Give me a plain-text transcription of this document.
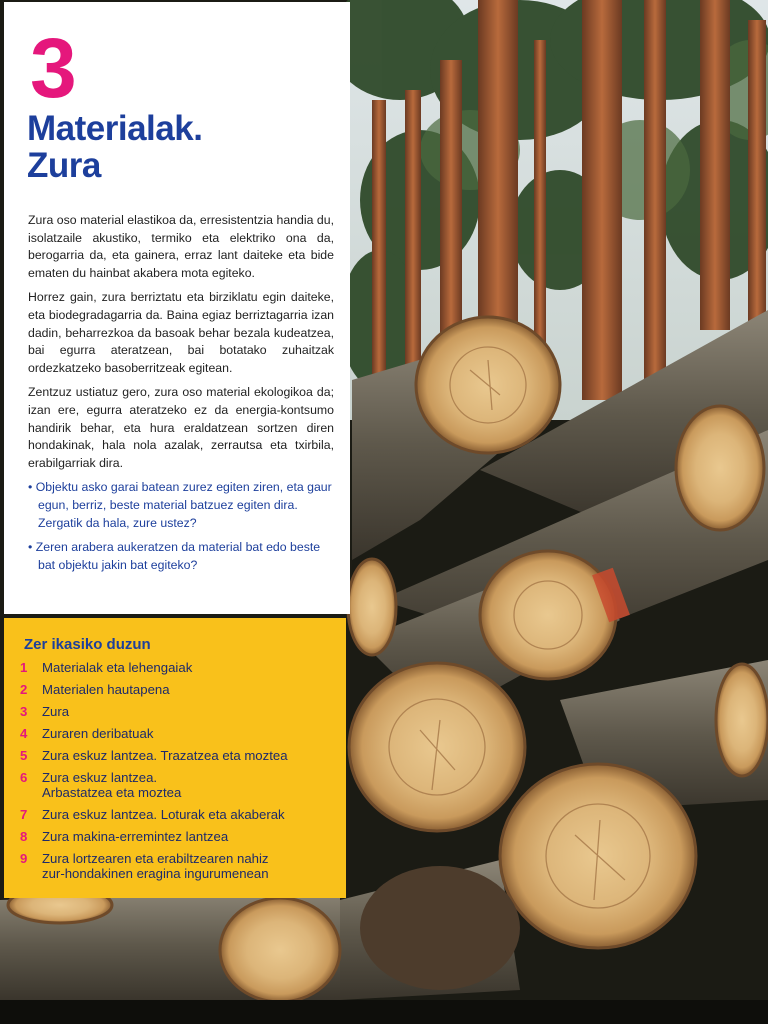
3
Materialak.
Zura

Zura oso material elastikoa da, erresistentzia handia du, isolatzaile akustiko, termiko eta elektriko ona da, berogarria da, eta gainera, erraz lant daiteke eta bide ematen du hainbat akabera mota egiteko.

Horrez gain, zura berriztatu eta birziklatu egin daiteke, eta biodegradagarria da. Baina egiaz berriztagarria izan dadin, beharrezkoa da basoak behar bezala kudeatzea, bai egurra ateratzean, bai botatako zuhaitzak ordezkatzeko basoberritzeak egitean.

Zentzuz ustiatuz gero, zura oso material ekologikoa da; izan ere, egurra ateratzeko ez da energia-kontsumo handirik behar, eta hura eraldatzean sortzen diren hondakinak, hala nola azalak, zerrautsa eta txirbila, erabilgarriak dira.

• Objektu asko garai batean zurez egiten ziren, eta gaur egun, berriz, beste material batzuez egiten dira. Zergatik da hala, zure ustez?

• Zeren arabera aukeratzen da material bat edo beste bat objektu jakin bat egiteko?

Zer ikasiko duzun
1	Materialak eta lehengaiak
2	Materialen hautapena
3	Zura
4	Zuraren deribatuak
5	Zura eskuz lantzea. Trazatzea eta moztea
6	Zura eskuz lantzea.
Arbastatzea eta moztea
7	Zura eskuz lantzea. Loturak eta akaberak
8	Zura makina-erremintez lantzea
9	Zura lortzearen eta erabiltzearen nahiz
zur-hondakinen eragina ingurumenean
